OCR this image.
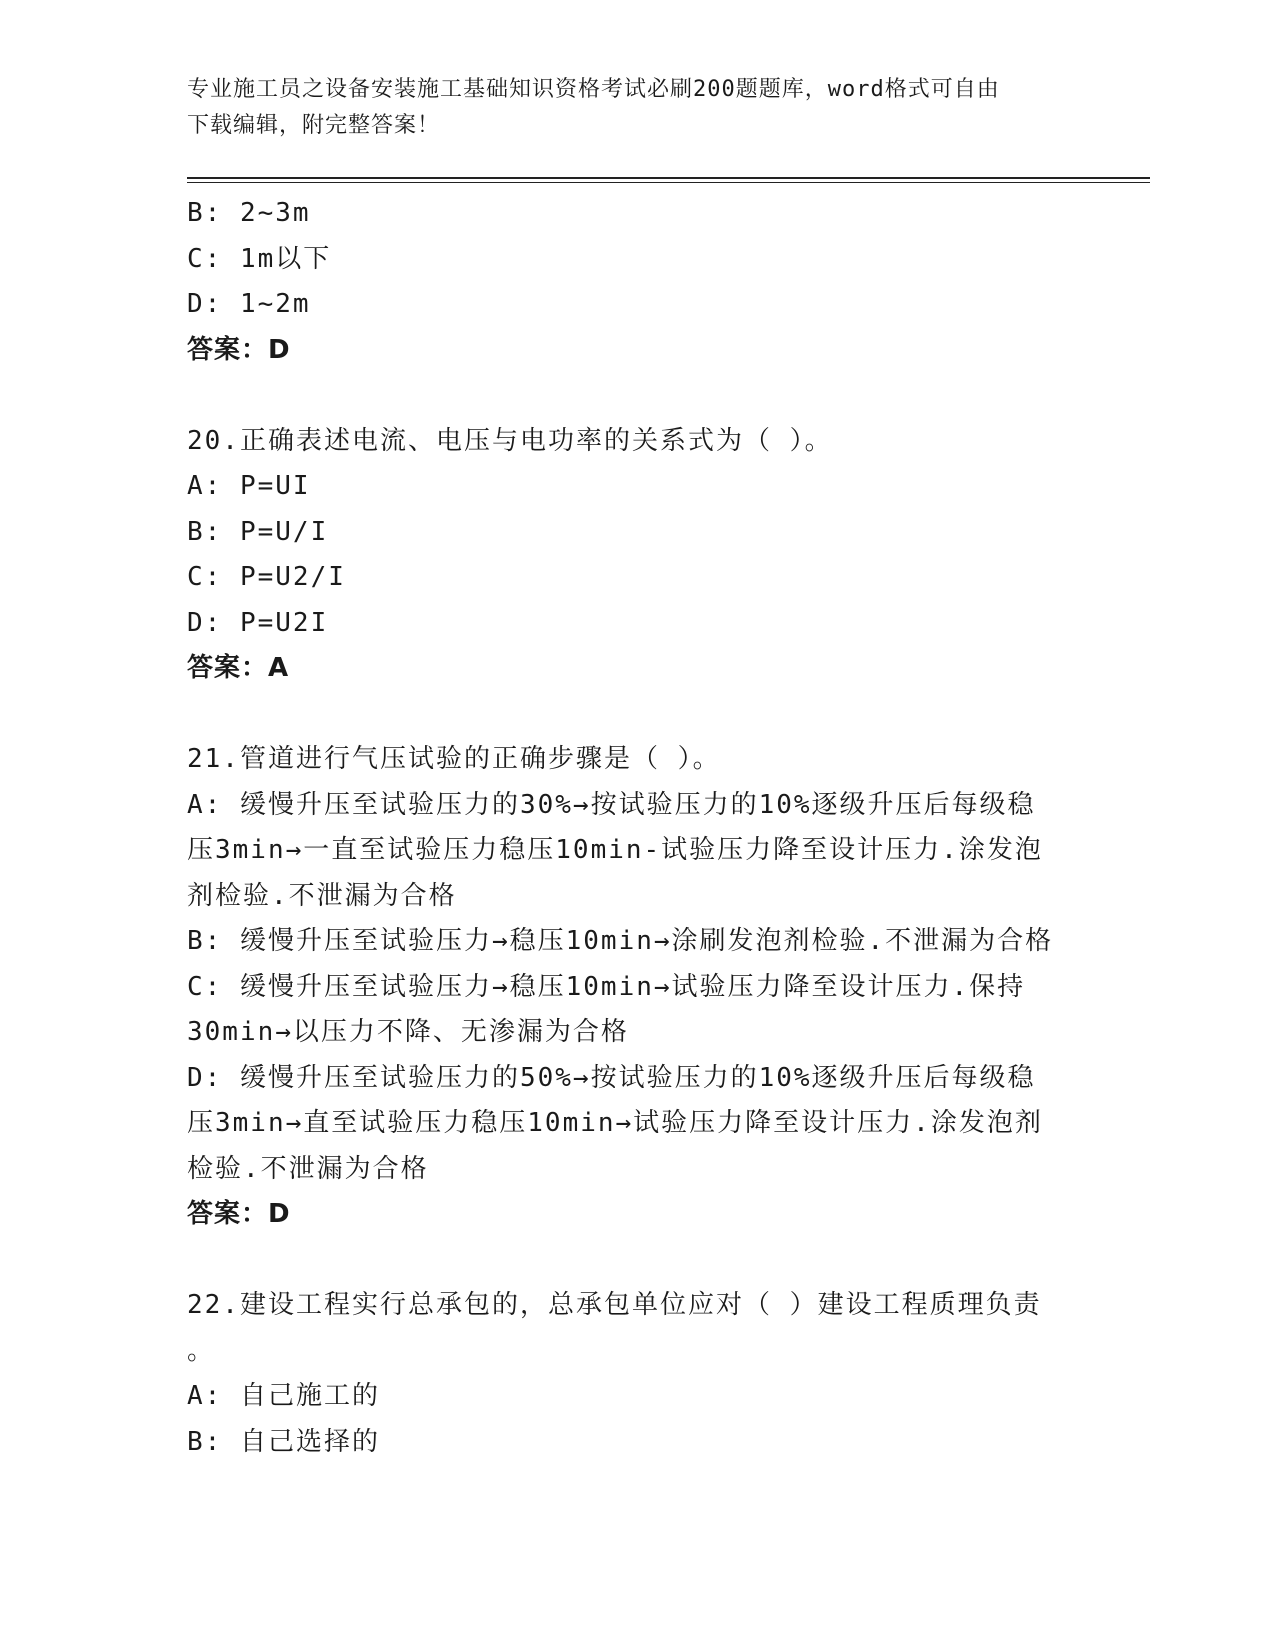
专业施工员之设备安装施工基础知识资格考试必刷200题题库，word格式可自由
下载编辑，附完整答案！
B: 2~3m
C: 1m以下
D: 1~2m
答案：D
20.正确表述电流、电压与电功率的关系式为（ ）。
A: P=UI
B: P=U/I
C: P=U2/I
D: P=U2I
答案：A
21.管道进行气压试验的正确步骤是（ ）。
A: 缓慢升压至试验压力的30%→按试验压力的10%逐级升压后每级稳
压3min→一直至试验压力稳压10min-试验压力降至设计压力.涂发泡
剂检验.不泄漏为合格
B: 缓慢升压至试验压力→稳压10min→涂刷发泡剂检验.不泄漏为合格
C: 缓慢升压至试验压力→稳压10min→试验压力降至设计压力.保持
30min→以压力不降、无渗漏为合格
D: 缓慢升压至试验压力的50%→按试验压力的10%逐级升压后每级稳
压3min→直至试验压力稳压10min→试验压力降至设计压力.涂发泡剂
检验.不泄漏为合格
答案：D
22.建设工程实行总承包的，总承包单位应对（ ）建设工程质理负责
。
A: 自己施工的
B: 自己选择的
